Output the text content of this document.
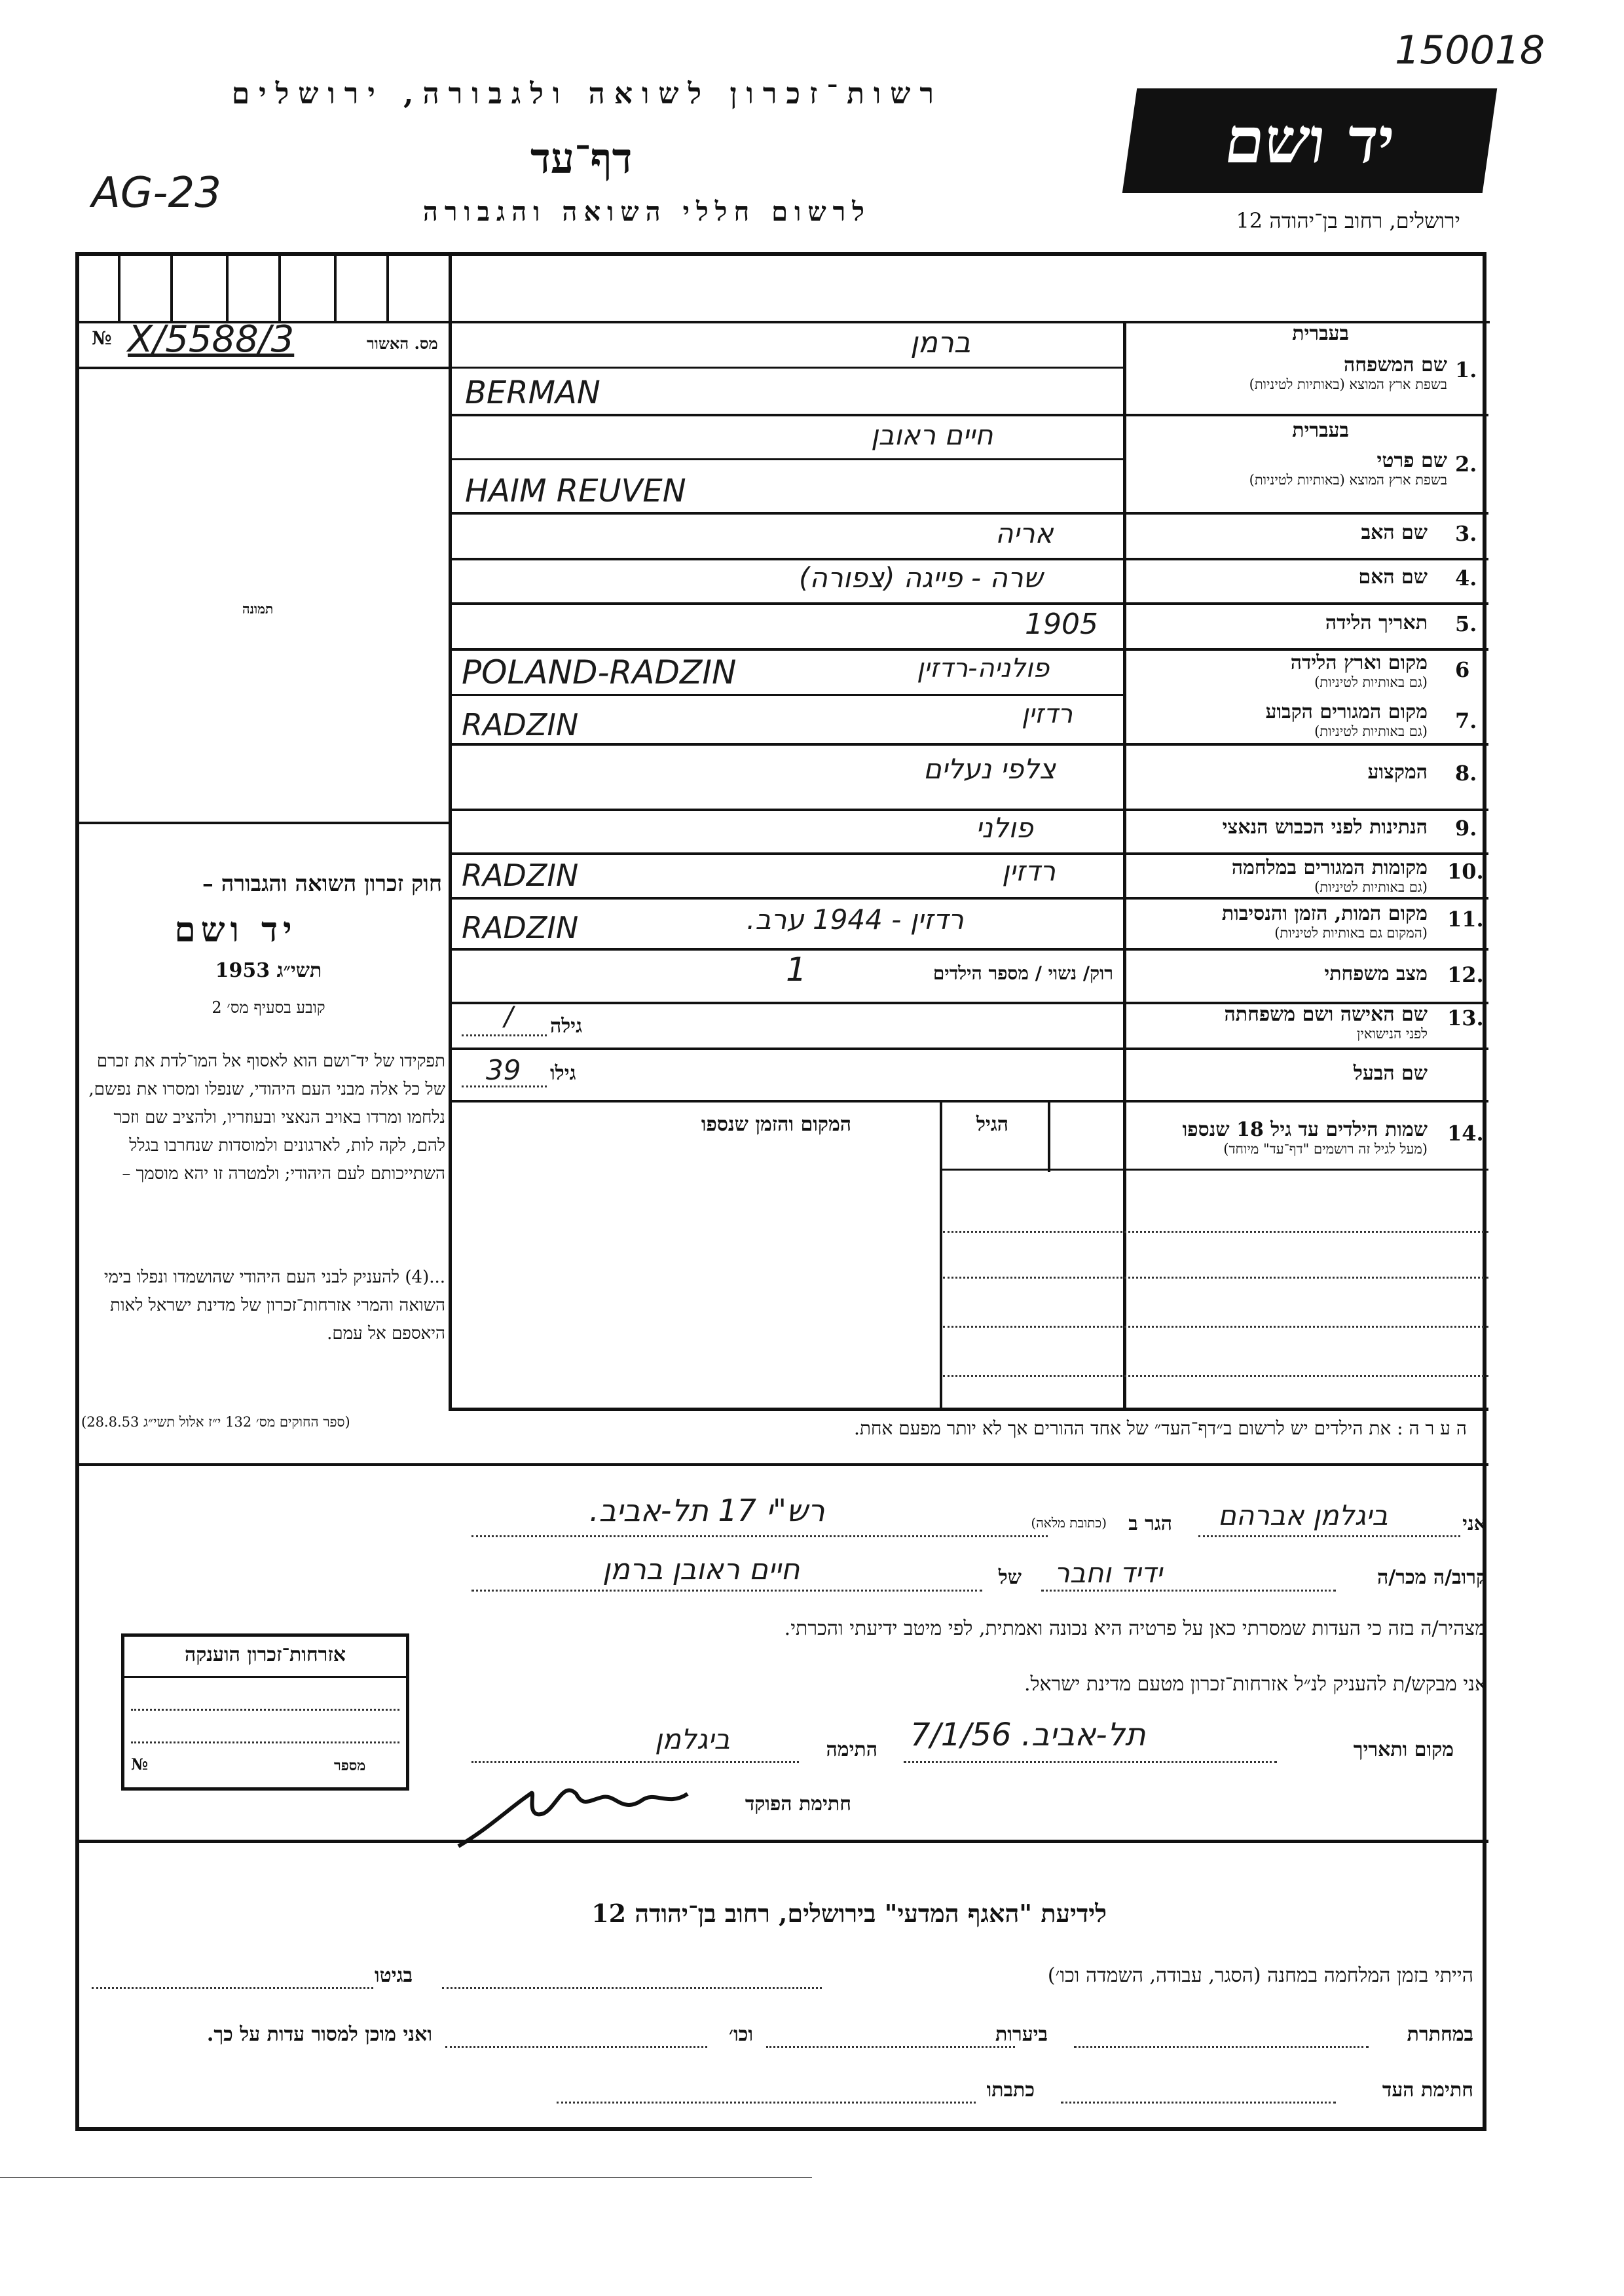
רשות־זכרון לשואה ולגבורה, ירושלים
דף־עד
לרשום חללי השואה והגבורה
יד ושם
ירושלים, רחוב בן־יהודה 12
150018
AG-23
№ X/5588/3	מס. האשור
תמונה
חוק זכרון השואה והגבורה –
יד ושם
תשי״ג 1953
קובע בסעיף מס׳ 2
תפקידו של יד־ושם הוא לאסוף אל המו־לדת את זכרם של כל אלה מבני העם היהודי, שנפלו ומסרו את נפשם, נלחמו ומרדו באויב הנאצי ובעוזריו, ולהציב שם וזכר להם, לקה לות, לארגונים ולמוסדות שנחרבו בגלל השתייכותם לעם היהודי; ולמטרה זו יהא מוסמך –
...(4) להעניק לבני העם היהודי שהושמדו ונפלו בימי השואה והמרי אזרחות־זכרון של מדינת ישראל לאות היאספם אל עמם.
(ספר החוקים מס׳ 132 י״ז אלול תשי״ג 28.8.53)
בעברית
שם המשפחה
בשפת ארץ המוצא (באותיות לטיניות)
1.
ברמן
BERMAN
בעברית
שם פרטי
בשפת ארץ המוצא (באותיות לטיניות)
2.
חיים ראובן
HAIM REUVEN
שם האב 3.
אריה
שם האם 4.
שרה - פייגה (צפורה)
תאריך הלידה 5.
1905
מקום וארץ הלידה
(גם באותיות לטיניות) 6
פולניה-רדזין
POLAND-RADZIN
מקום המגורים הקבוע
(גם באותיות לטיניות) 7.
רדזין
RADZIN
המקצוע 8.
צלפי נעלים
הנתינות לפני הכבוש הנאצי 9.
פולני
מקומות המגורים במלחמה
(גם באותיות לטיניות)
10.
רדזין
RADZIN
מקום המות, הזמן והנסיבות
(המקום גם באותיות לטיניות)
11.
רדזין - 1944 ערב.
RADZIN
מצב משפחתי 12.
רוק/ נשוי / מספר הילדים
1
שם האישה ושם משפחתה
לפני הנישואין
13.
גילה
/
שם הבעל
גילו
39
14.
שמות הילדים עד גיל 18 שנספו
(מעל לגיל זה רושמים "דף־עד" מיוחד)
הגיל
המקום והזמן שנספו
ה ע ר ה : את הילדים יש לרשום ב״דף־העד״ של אחד ההורים אך לא יותר מפעם אחת.
אני
ביגלמן אברהם
הגר ב
(כתובת מלאה)
רש"י 17 תל-אביב.
קרוב/ה מכר/ה
ידיד וחבר
של
חיים ראובן ברמן
מצהיר/ה בזה כי העדות שמסרתי כאן על פרטיה היא נכונה ואמתית, לפי מיטב ידיעתי והכרתי.
אני מבקש/ת להעניק לנ״ל אזרחות־זכרון מטעם מדינת ישראל.
מקום ותאריך
תל-אביב. 7/1/56
התימה
ביגלמן
חתימת הפוקד
אזרחות־זכרון הוענקה
№	מספר
לידיעת "האגף המדעי" בירושלים, רחוב בן־יהודה 12
הייתי בזמן המלחמה במחנה (הסגר, עבודה, השמדה וכו׳)
בגיטו
במחתרת
ביערות
וכו׳
ואני מוכן למסור עדות על כך.
חתימת העד
כתבתו
